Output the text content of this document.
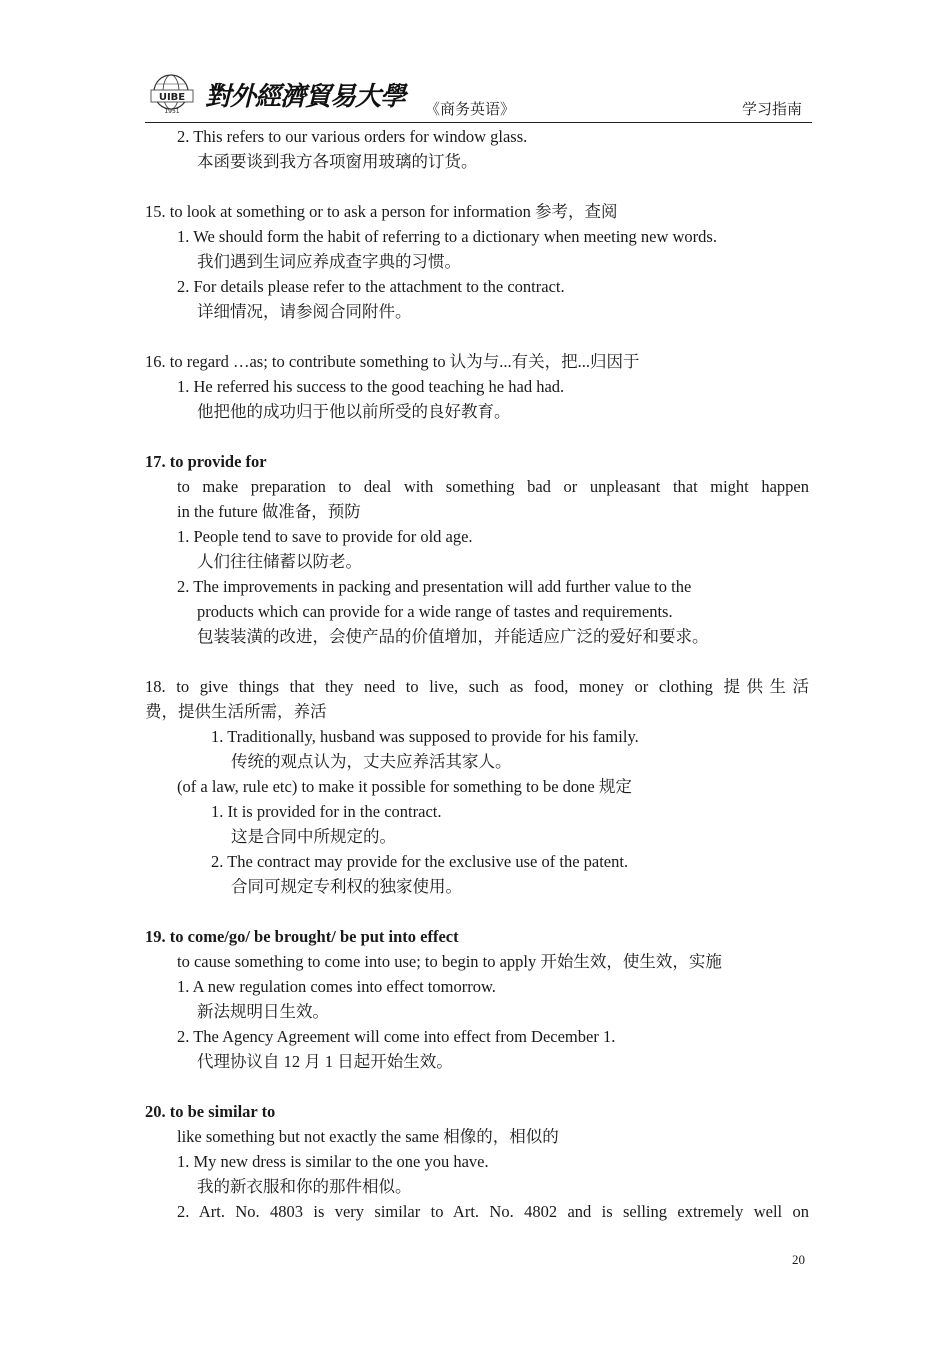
UIBE
1951 對外經濟貿易大學 《商务英语》	学习指南

2. This refers to our various orders for window glass.

本函要谈到我方各项窗用玻璃的订货。

15. to look at something or to ask a person for information 参考，查阅

1. We should form the habit of referring to a dictionary when meeting new words.

我们遇到生词应养成查字典的习惯。

2. For details please refer to the attachment to the contract.

详细情况，请参阅合同附件。

16. to regard …as; to contribute something to 认为与...有关，把...归因于

1. He referred his success to the good teaching he had had.

他把他的成功归于他以前所受的良好教育。

17. to provide for

to make preparation to deal with something bad or unpleasant that might happen

in the future 做准备，预防

1. People tend to save to provide for old age.

人们往往储蓄以防老。

2. The improvements in packing and presentation will add further value to the

products which can provide for a wide range of tastes and requirements.

包装装潢的改进，会使产品的价值增加，并能适应广泛的爱好和要求。

18. to give things that they need to live, such as food, money or clothing 提供生活

费，提供生活所需，养活

1. Traditionally, husband was supposed to provide for his family.

传统的观点认为，丈夫应养活其家人。

(of a law, rule etc) to make it possible for something to be done 规定

1. It is provided for in the contract.

这是合同中所规定的。

2. The contract may provide for the exclusive use of the patent.

合同可规定专利权的独家使用。

19. to come/go/ be brought/ be put into effect

to cause something to come into use; to begin to apply 开始生效，使生效，实施

1. A new regulation comes into effect tomorrow.

新法规明日生效。

2. The Agency Agreement will come into effect from December 1.

代理协议自 12 月 1 日起开始生效。

20. to be similar to

like something but not exactly the same 相像的，相似的

1. My new dress is similar to the one you have.

我的新衣服和你的那件相似。

2. Art. No. 4803 is very similar to Art. No. 4802 and is selling extremely well on

20
